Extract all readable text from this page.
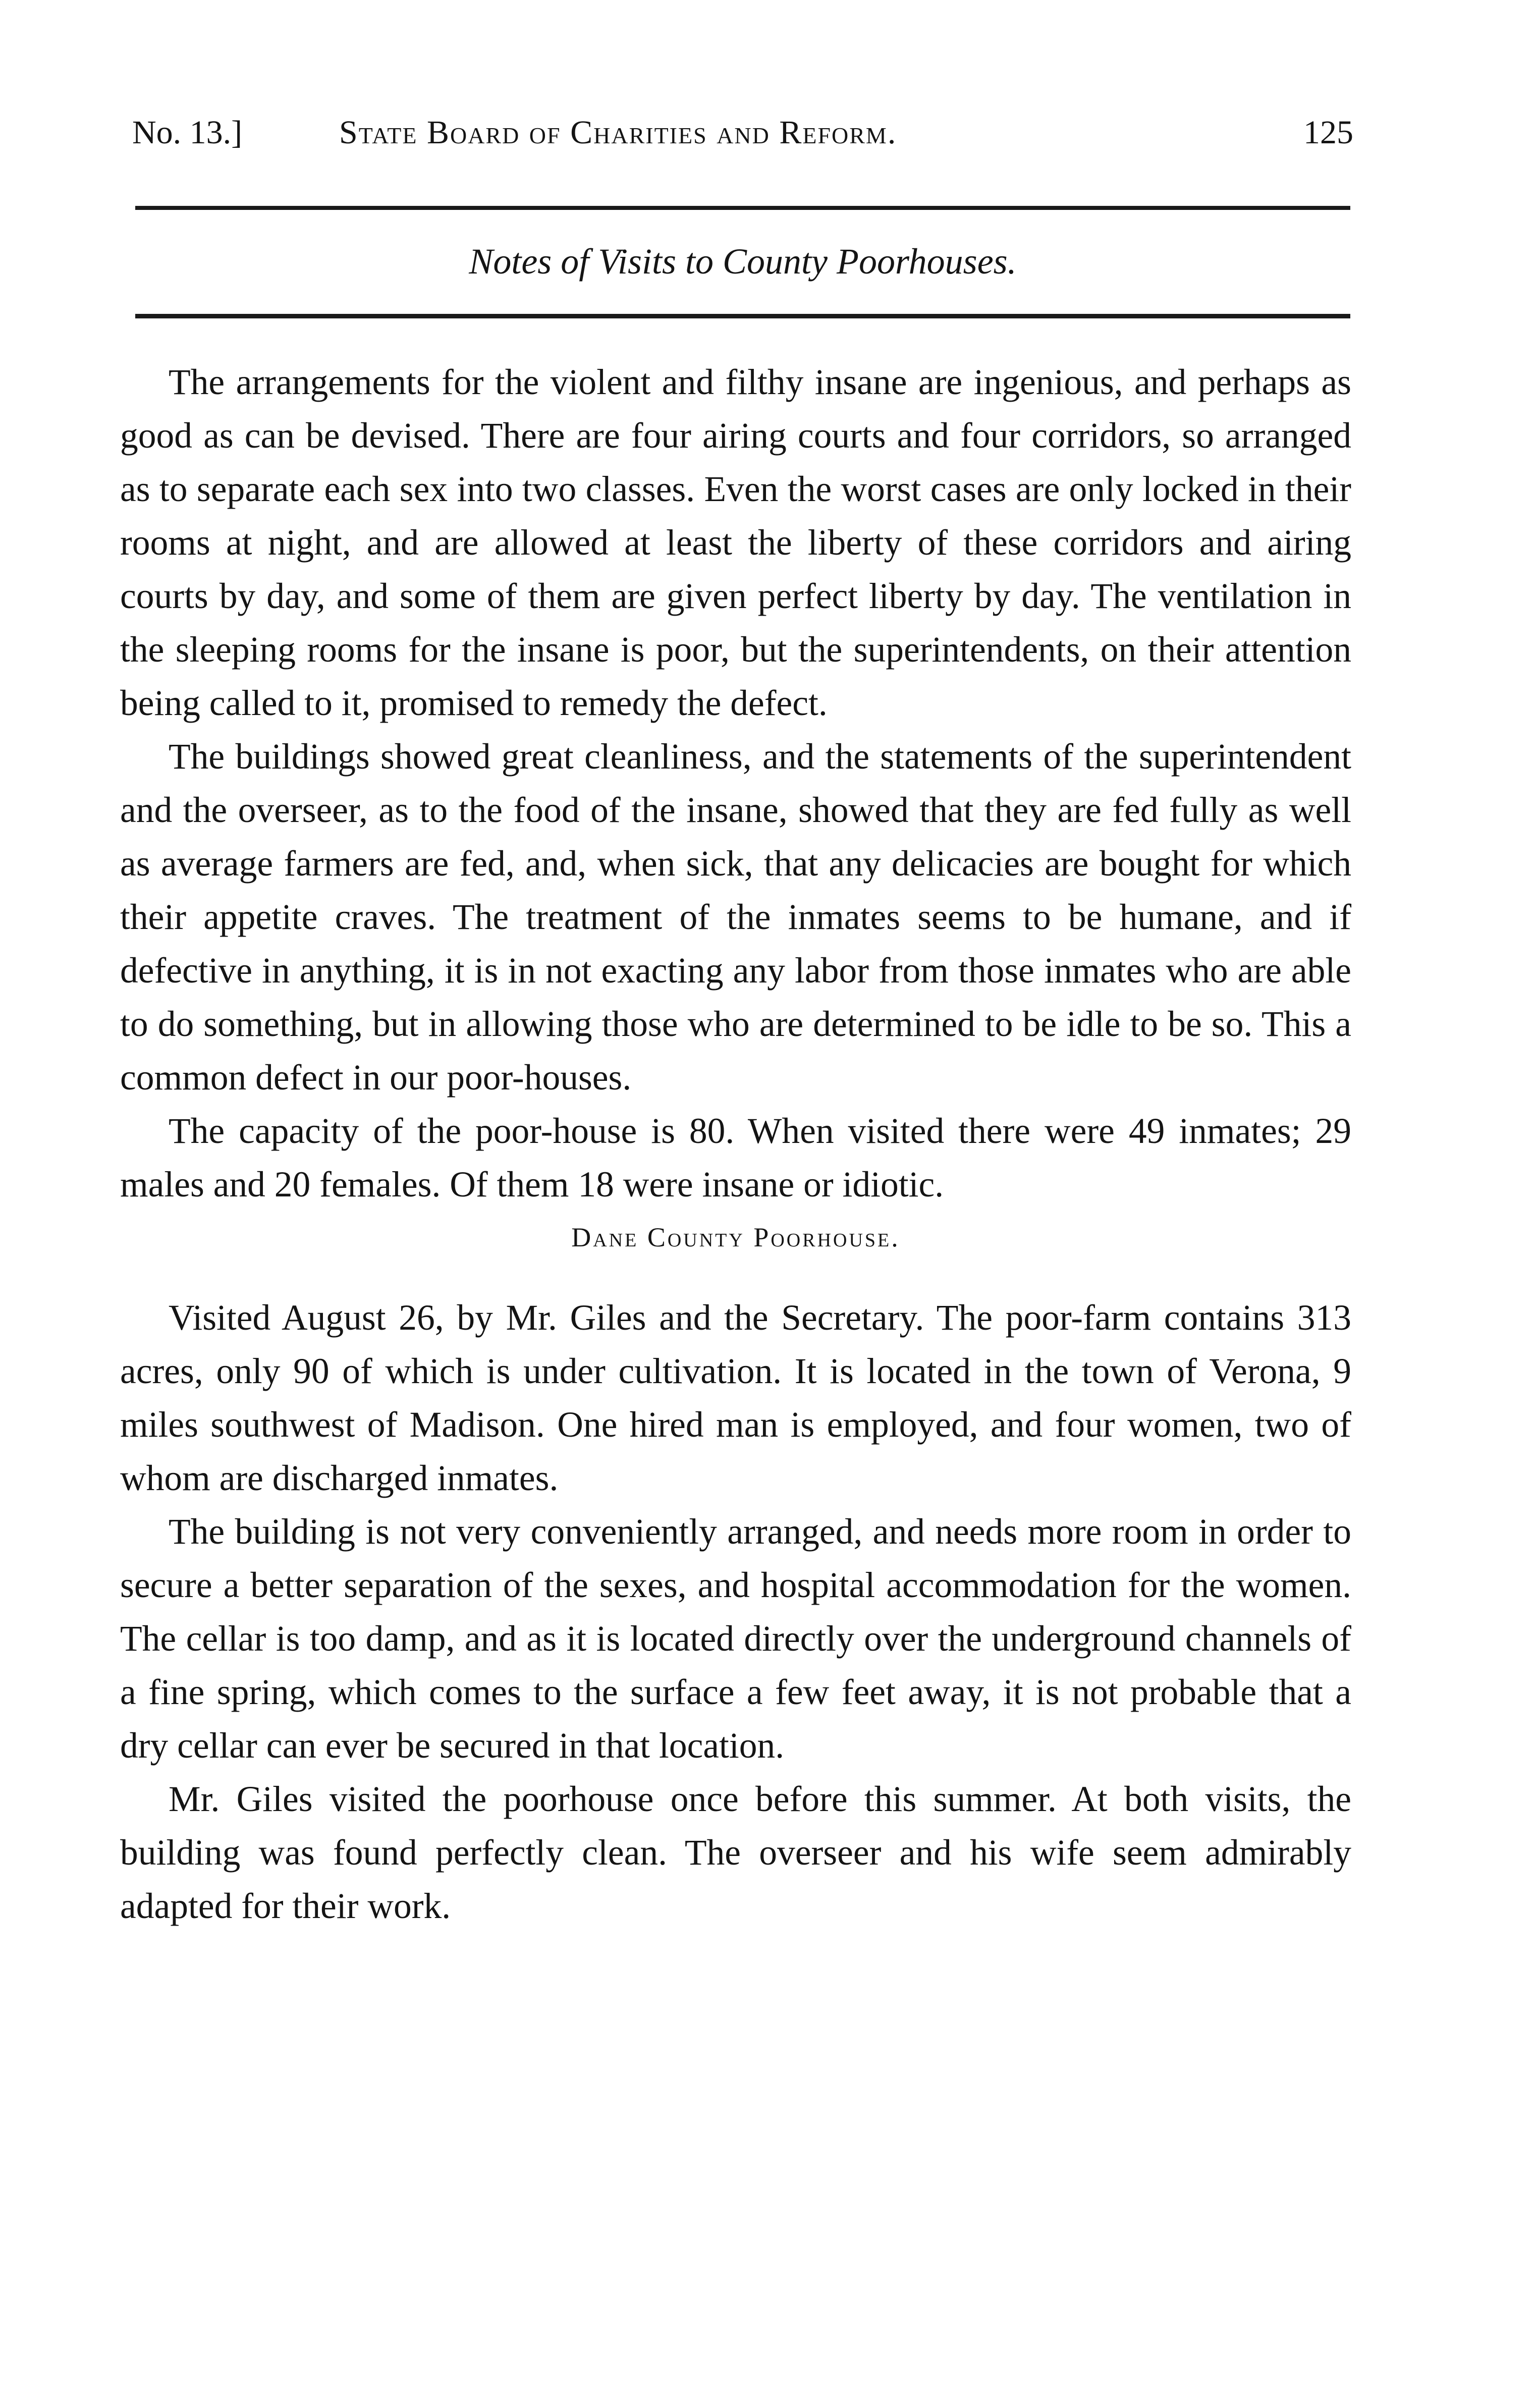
No. 13.]	State Board of Charities and Reform.	125
Notes of Visits to County Poorhouses.

The arrangements for the violent and filthy insane are ingenious, and perhaps as good as can be devised. There are four airing courts and four corridors, so arranged as to separate each sex into two classes. Even the worst cases are only locked in their rooms at night, and are allowed at least the liberty of these corridors and airing courts by day, and some of them are given perfect liberty by day. The ventilation in the sleeping rooms for the insane is poor, but the superintendents, on their attention being called to it, promised to remedy the defect.

The buildings showed great cleanliness, and the statements of the superintendent and the overseer, as to the food of the insane, showed that they are fed fully as well as average farmers are fed, and, when sick, that any delicacies are bought for which their appetite craves. The treatment of the inmates seems to be humane, and if defective in anything, it is in not exacting any labor from those inmates who are able to do something, but in allowing those who are determined to be idle to be so. This a common defect in our poor-houses.

The capacity of the poor-house is 80. When visited there were 49 inmates; 29 males and 20 females. Of them 18 were insane or idiotic.

Dane County Poorhouse.

Visited August 26, by Mr. Giles and the Secretary. The poor-farm contains 313 acres, only 90 of which is under cultivation. It is located in the town of Verona, 9 miles southwest of Madison. One hired man is employed, and four women, two of whom are discharged inmates.

The building is not very conveniently arranged, and needs more room in order to secure a better separation of the sexes, and hospital accommodation for the women. The cellar is too damp, and as it is located directly over the underground channels of a fine spring, which comes to the surface a few feet away, it is not probable that a dry cellar can ever be secured in that location.

Mr. Giles visited the poorhouse once before this summer. At both visits, the building was found perfectly clean. The overseer and his wife seem admirably adapted for their work.
